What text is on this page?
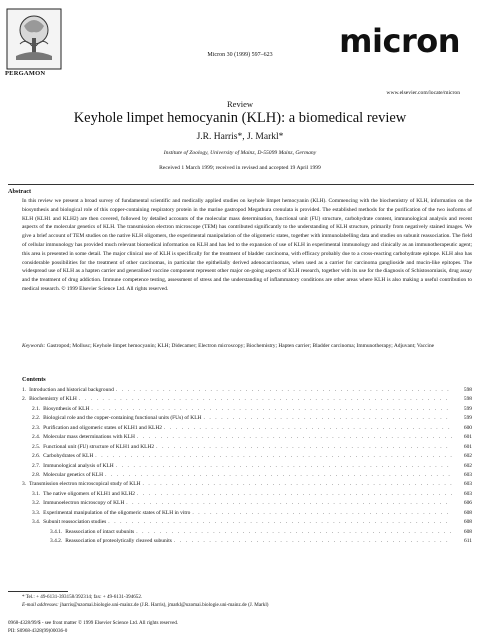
PERGAMON
Micron 30 (1999) 597–623	micron
www.elsevier.com/locate/micron
Review
Keyhole limpet hemocyanin (KLH): a biomedical review
J.R. Harris*, J. Markl*
Institute of Zoology, University of Mainz, D-55099 Mainz, Germany
Received 1 March 1999; received in revised and accepted 19 April 1999
Abstract
In this review we present a broad survey of fundamental scientific and medically applied studies on keyhole limpet hemocyanin (KLH). Commencing with the biochemistry of KLH, information on the biosynthesis and biological role of this copper-containing respiratory protein in the marine gastropod Megathura crenulata is provided. The established methods for the purification of the two isoforms of KLH (KLH1 and KLH2) are then covered, followed by detailed accounts of the molecular mass determination, functional unit (FU) structure, carbohydrate content, immunological analysis and recent aspects of the molecular genetics of KLH. The transmission electron microscope (TEM) has contributed significantly to the understanding of KLH structure, primarily from negatively stained images. We give a brief account of TEM studies on the native KLH oligomers, the experimental manipulation of the oligomeric states, together with immunolabelling data and studies on subunit reassociation. The field of cellular immunology has provided much relevant biomedical information on KLH and has led to the expansion of use of KLH in experimental immunology and clinically as an immunotherapeutic agent; this area is presented in some detail. The major clinical use of KLH is specifically for the treatment of bladder carcinoma, with efficacy probably due to a cross-reacting carbohydrate epitope. KLH also has considerable possibilities for the treatment of other carcinomas, in particular the epithelially derived adenocarcinomas, when used as a carrier for carcinoma ganglioside and mucin-like epitopes. The widespread use of KLH as a hapten carrier and generalised vaccine component represent other major on-going aspects of KLH research, together with its use for the diagnosis of Schistosomiasis, drug assay and the treatment of drug addiction. Immune competence testing, assessment of stress and the understanding of inflammatory conditions are other areas where KLH is also making a useful contribution to medical research. © 1999 Elsevier Science Ltd. All rights reserved.
Keywords: Gastropod; Mollusc; Keyhole limpet hemocyanin; KLH; Didecamer; Electron microscopy; Biochemistry; Hapten carrier; Bladder carcinoma; Immunotherapy; Adjuvant; Vaccine
Contents
1. Introduction and historical background . . .	598
2. Biochemistry of KLH . . .	598
2.1. Biosynthesis of KLH . . .	599
2.2. Biological role and the copper-containing functional units (FUs) of KLH . . .	599
2.3. Purification and oligomeric states of KLH1 and KLH2 . . .	600
2.4. Molecular mass determinations with KLH . . .	601
2.5. Functional unit (FU) structure of KLH1 and KLH2 . . .	601
2.6. Carbohydrates of KLH . . .	602
2.7. Immunological analysis of KLH . . .	602
2.8. Molecular genetics of KLH . . .	603
3. Transmission electron microscopical study of KLH . . .	603
3.1. The native oligomers of KLH1 and KLH2 . . .	603
3.2. Immunoelectron microscopy of KLH . . .	606
3.3. Experimental manipulation of the oligomeric states of KLH in vitro . . .	608
3.4. Subunit reassociation studies . . .	608
3.4.1. Reassociation of intact subunits . . .	608
3.4.2. Reassociation of proteolytically cleaved subunits . . .	611
* Tel.: + 49-6131-393158/392314; fax: + 49-6131-394652.
E-mail addresses: jharris@uzomai.biologie.uni-mainz.de (J.R. Harris), jmarkl@uzomai.biologie.uni-mainz.de (J. Markl)
0968-4328/99/$ - see front matter © 1999 Elsevier Science Ltd. All rights reserved.
PII: S0968-4328(99)00036-0
